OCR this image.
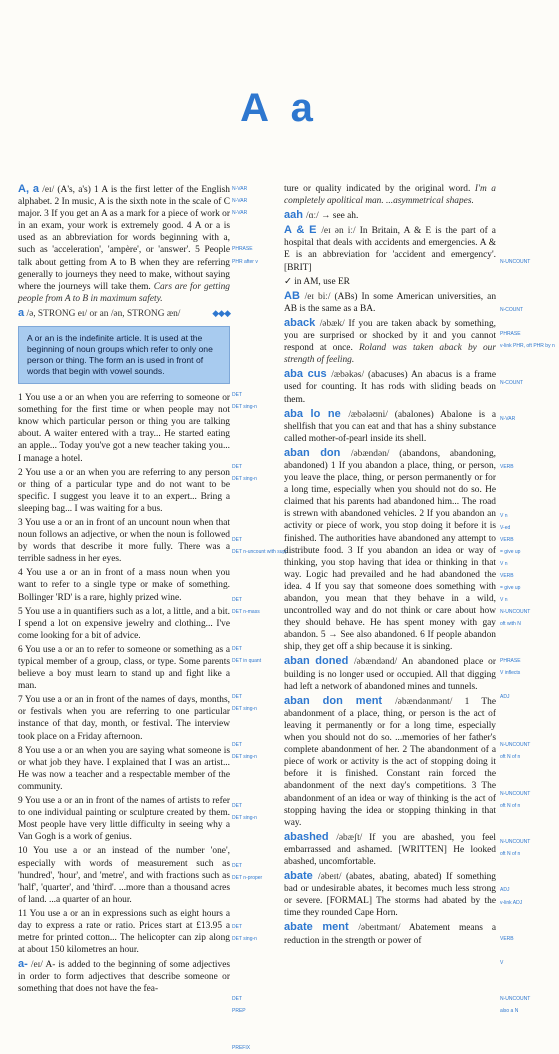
A a

A, a /eɪ/ (A's, a's) 1 A is the first letter of the English alphabet. 2 In music, A is the sixth note in the scale of C major. 3 If you get an A as a mark for a piece of work or in an exam, your work is extremely good. 4 A or a is used as an abbreviation for words beginning with a, such as 'acceleration', 'ampère', or 'answer'. 5 People talk about getting from A to B when they are referring generally to journeys they need to make, without saying where the journeys will take them. Cars are for getting people from A to B in maximum safety.

a /ə, STRONG eɪ/ or an /ən, STRONG æn/	◆◆◆

A or an is the indefinite article. It is used at the beginning of noun groups which refer to only one person or thing. The form an is used in front of words that begin with vowel sounds.

1 You use a or an when you are referring to someone or something for the first time or when people may not know which particular person or thing you are talking about. A waiter entered with a tray... He started eating an apple... Today you've got a new teacher taking you... I manage a hotel.

2 You use a or an when you are referring to any person or thing of a particular type and do not want to be specific. I suggest you leave it to an expert... Bring a sleeping bag... I was waiting for a bus.

3 You use a or an in front of an uncount noun when that noun follows an adjective, or when the noun is followed by words that describe it more fully. There was a terrible sadness in her eyes.

4 You use a or an in front of a mass noun when you want to refer to a single type or make of something. Bollinger 'RD' is a rare, highly prized wine.

5 You use a in quantifiers such as a lot, a little, and a bit. I spend a lot on expensive jewelry and clothing... I've come looking for a bit of advice.

6 You use a or an to refer to someone or something as a typical member of a group, class, or type. Some parents believe a boy must learn to stand up and fight like a man.

7 You use a or an in front of the names of days, months, or festivals when you are referring to one particular instance of that day, month, or festival. The interview took place on a Friday afternoon.

8 You use a or an when you are saying what someone is or what job they have. I explained that I was an artist... He was now a teacher and a respectable member of the community.

9 You use a or an in front of the names of artists to refer to one individual painting or sculpture created by them. Most people have very little difficulty in seeing why a Van Gogh is a work of genius.

10 You use a or an instead of the number 'one', especially with words of measurement such as 'hundred', 'hour', and 'metre', and with fractions such as 'half', 'quarter', and 'third'. ...more than a thousand acres of land. ...a quarter of an hour.

11 You use a or an in expressions such as eight hours a day to express a rate or ratio. Prices start at £13.95 a metre for printed cotton... The helicopter can zip along at about 150 kilometres an hour.

a- /eɪ/ A- is added to the beginning of some adjectives in order to form adjectives that describe someone or something that does not have the fea-

N-VAR
N-VAR
N-VAR

PHRASE
PHR after v

DET
DET sing-n

DET
DET sing-n

DET
DET n-uncount with supp

DET
DET n-mass

DET
DET in quant

DET
DET sing-n

DET
DET sing-n

DET
DET sing-n

DET
DET n-proper

DET
DET sing-n

DET
PREP

PREFIX

ture or quality indicated by the original word. I'm a completely apolitical man. ...asymmetrical shapes.

aah /ɑː/ → see ah.

A & E /eɪ ən iː/ In Britain, A & E is the part of a hospital that deals with accidents and emergencies. A & E is an abbreviation for 'accident and emergency'. [BRIT]

✓ in AM, use ER

AB /eɪ biː/ (ABs) In some American universities, an AB is the same as a BA.

aback /əbæk/ If you are taken aback by something, you are surprised or shocked by it and you cannot respond at once. Roland was taken aback by our strength of feeling.

aba cus /æbəkəs/ (abacuses) An abacus is a frame used for counting. It has rods with sliding beads on them.

aba lo ne /æbələʊni/ (abalones) Abalone is a shellfish that you can eat and that has a shiny substance called mother-of-pearl inside its shell.

aban don /əbændən/ (abandons, abandoning, abandoned) 1 If you abandon a place, thing, or person, you leave the place, thing, or person permanently or for a long time, especially when you should not do so. He claimed that his parents had abandoned him... The road is strewn with abandoned vehicles. 2 If you abandon an activity or piece of work, you stop doing it before it is finished. The authorities have abandoned any attempt to distribute food. 3 If you abandon an idea or way of thinking, you stop having that idea or thinking in that way. Logic had prevailed and he had abandoned the idea. 4 If you say that someone does something with abandon, you mean that they behave in a wild, uncontrolled way and do not think or care about how they should behave. He has spent money with gay abandon. 5 → See also abandoned. 6 If people abandon ship, they get off a ship because it is sinking.

aban doned /əbændənd/ An abandoned place or building is no longer used or occupied. All that digging had left a network of abandoned mines and tunnels.

aban don ment /əbændənmənt/ 1 The abandonment of a place, thing, or person is the act of leaving it permanently or for a long time, especially when you should not do so. ...memories of her father's complete abandonment of her. 2 The abandonment of a piece of work or activity is the act of stopping doing it before it is finished. Constant rain forced the abandonment of the next day's competitions. 3 The abandonment of an idea or way of thinking is the act of stopping having the idea or stopping thinking in that way.

abashed /əbæʃt/ If you are abashed, you feel embarrassed and ashamed. [WRITTEN] He looked abashed, uncomfortable.

abate /əbeɪt/ (abates, abating, abated) If something bad or undesirable abates, it becomes much less strong or severe. [FORMAL] The storms had abated by the time they rounded Cape Horn.

abate ment /əbeɪtmənt/ Abatement means a reduction in the strength or power of

N-UNCOUNT

N-COUNT

PHRASE
v-link PHR, oft PHR by n

N-COUNT

N-VAR

VERB

V n
V-ed
VERB
= give up
V n
VERB
= give up
V n
N-UNCOUNT
oft with N

PHRASE
V inflects

ADJ

N-UNCOUNT
oft N of n

N-UNCOUNT
oft N of n

N-UNCOUNT
oft N of n

ADJ
v-link ADJ

VERB

V

N-UNCOUNT
also a N
